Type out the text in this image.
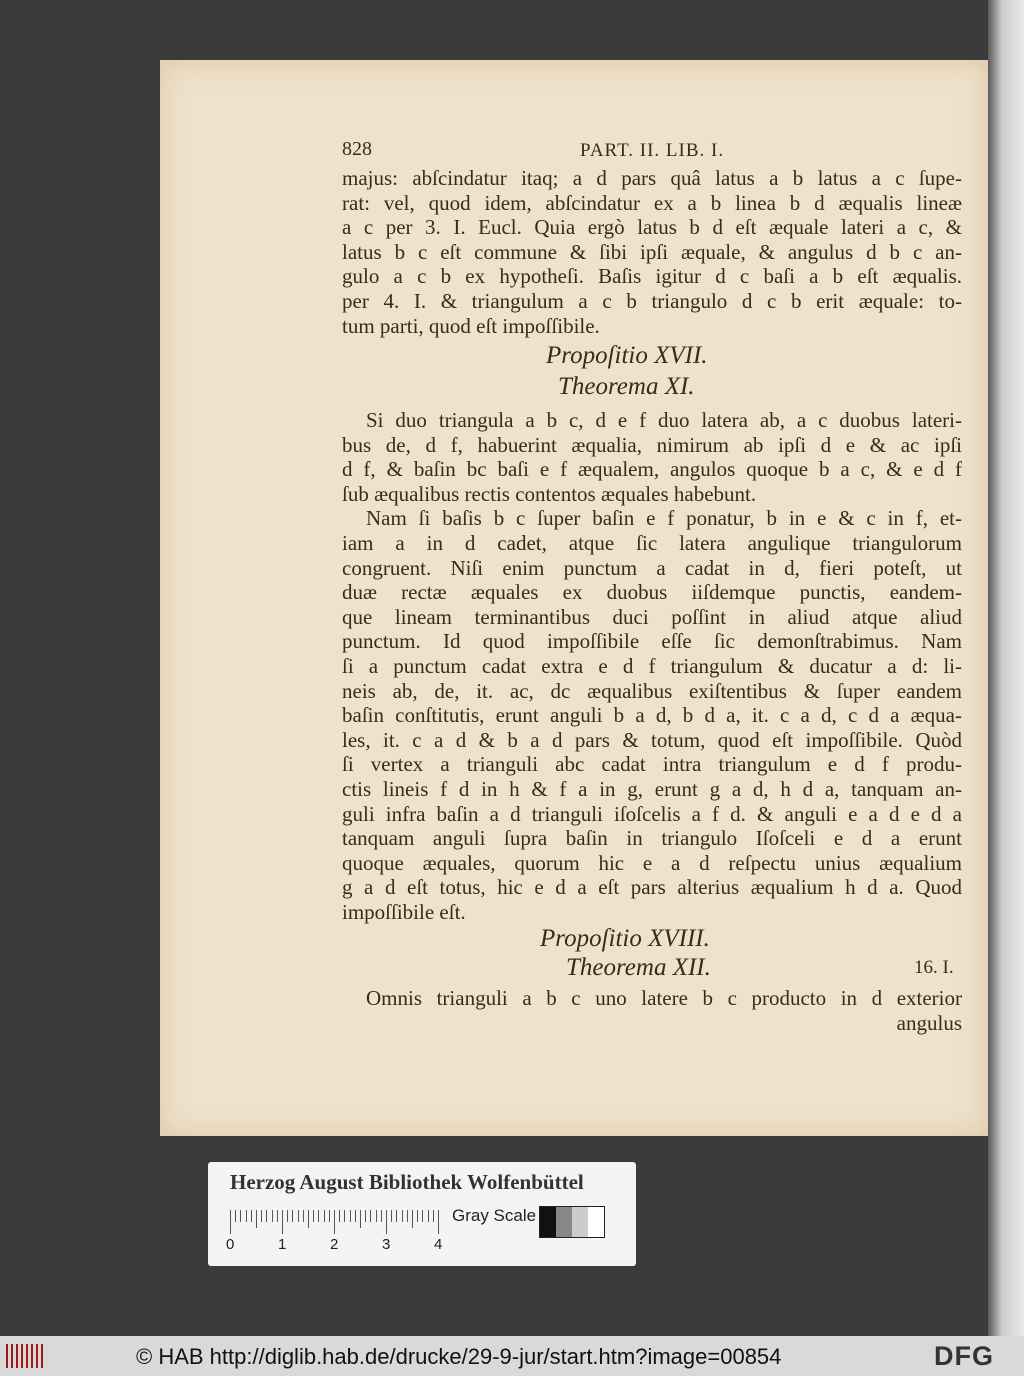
828	PART. II. LIB. I.
majus: abſcindatur itaq; a d pars quâ latus a b latus a c ſupe-
rat: vel, quod idem, abſcindatur ex a b linea b d æqualis lineæ
a c per 3. I. Eucl. Quia ergò latus b d eſt æquale lateri a c, &
latus b c eſt commune & ſibi ipſi æquale, & angulus d b c an-
gulo a c b ex hypotheſi. Baſis igitur d c baſi a b eſt æqualis.
per 4. I. & triangulum a c b triangulo d c b erit æquale: to-
tum parti, quod eſt impoſſibile.
Propoſitio XVII.
Theorema XI.
Si duo triangula a b c, d e f duo latera ab, a c duobus lateri-
bus de, d f, habuerint æqualia, nimirum ab ipſi d e & ac ipſi
d f, & baſin bc baſi e f æqualem, angulos quoque b a c, & e d f
ſub æqualibus rectis contentos æquales habebunt.
Nam ſi baſis b c ſuper baſin e f ponatur, b in e & c in f, et-
iam a in d cadet, atque ſic latera angulique triangulorum
congruent. Niſi enim punctum a cadat in d, fieri poteſt, ut
duæ rectæ æquales ex duobus iiſdemque punctis, eandem-
que lineam terminantibus duci poſſint in aliud atque aliud
punctum. Id quod impoſſibile eſſe ſic demonſtrabimus. Nam
ſi a punctum cadat extra e d f triangulum & ducatur a d: li-
neis ab, de, it. ac, dc æqualibus exiſtentibus & ſuper eandem
baſin conſtitutis, erunt anguli b a d, b d a, it. c a d, c d a æqua-
les, it. c a d & b a d pars & totum, quod eſt impoſſibile. Quòd
ſi vertex a trianguli abc cadat intra triangulum e d f produ-
ctis lineis f d in h & f a in g, erunt g a d, h d a, tanquam an-
guli infra baſin a d trianguli iſoſcelis a f d. & anguli e a d e d a
tanquam anguli ſupra baſin in triangulo Iſoſceli e d a erunt
quoque æquales, quorum hic e a d reſpectu unius æqualium
g a d eſt totus, hic e d a eſt pars alterius æqualium h d a. Quod
impoſſibile eſt.
Propoſitio XVIII.
Theorema XII.	16. I.
Omnis trianguli a b c uno latere b c producto in d exterior
angulus
Herzog August Bibliothek Wolfenbüttel
0	1	2	3	4
Gray Scale
© HAB http://diglib.hab.de/drucke/29-9-jur/start.htm?image=00854	DFG
